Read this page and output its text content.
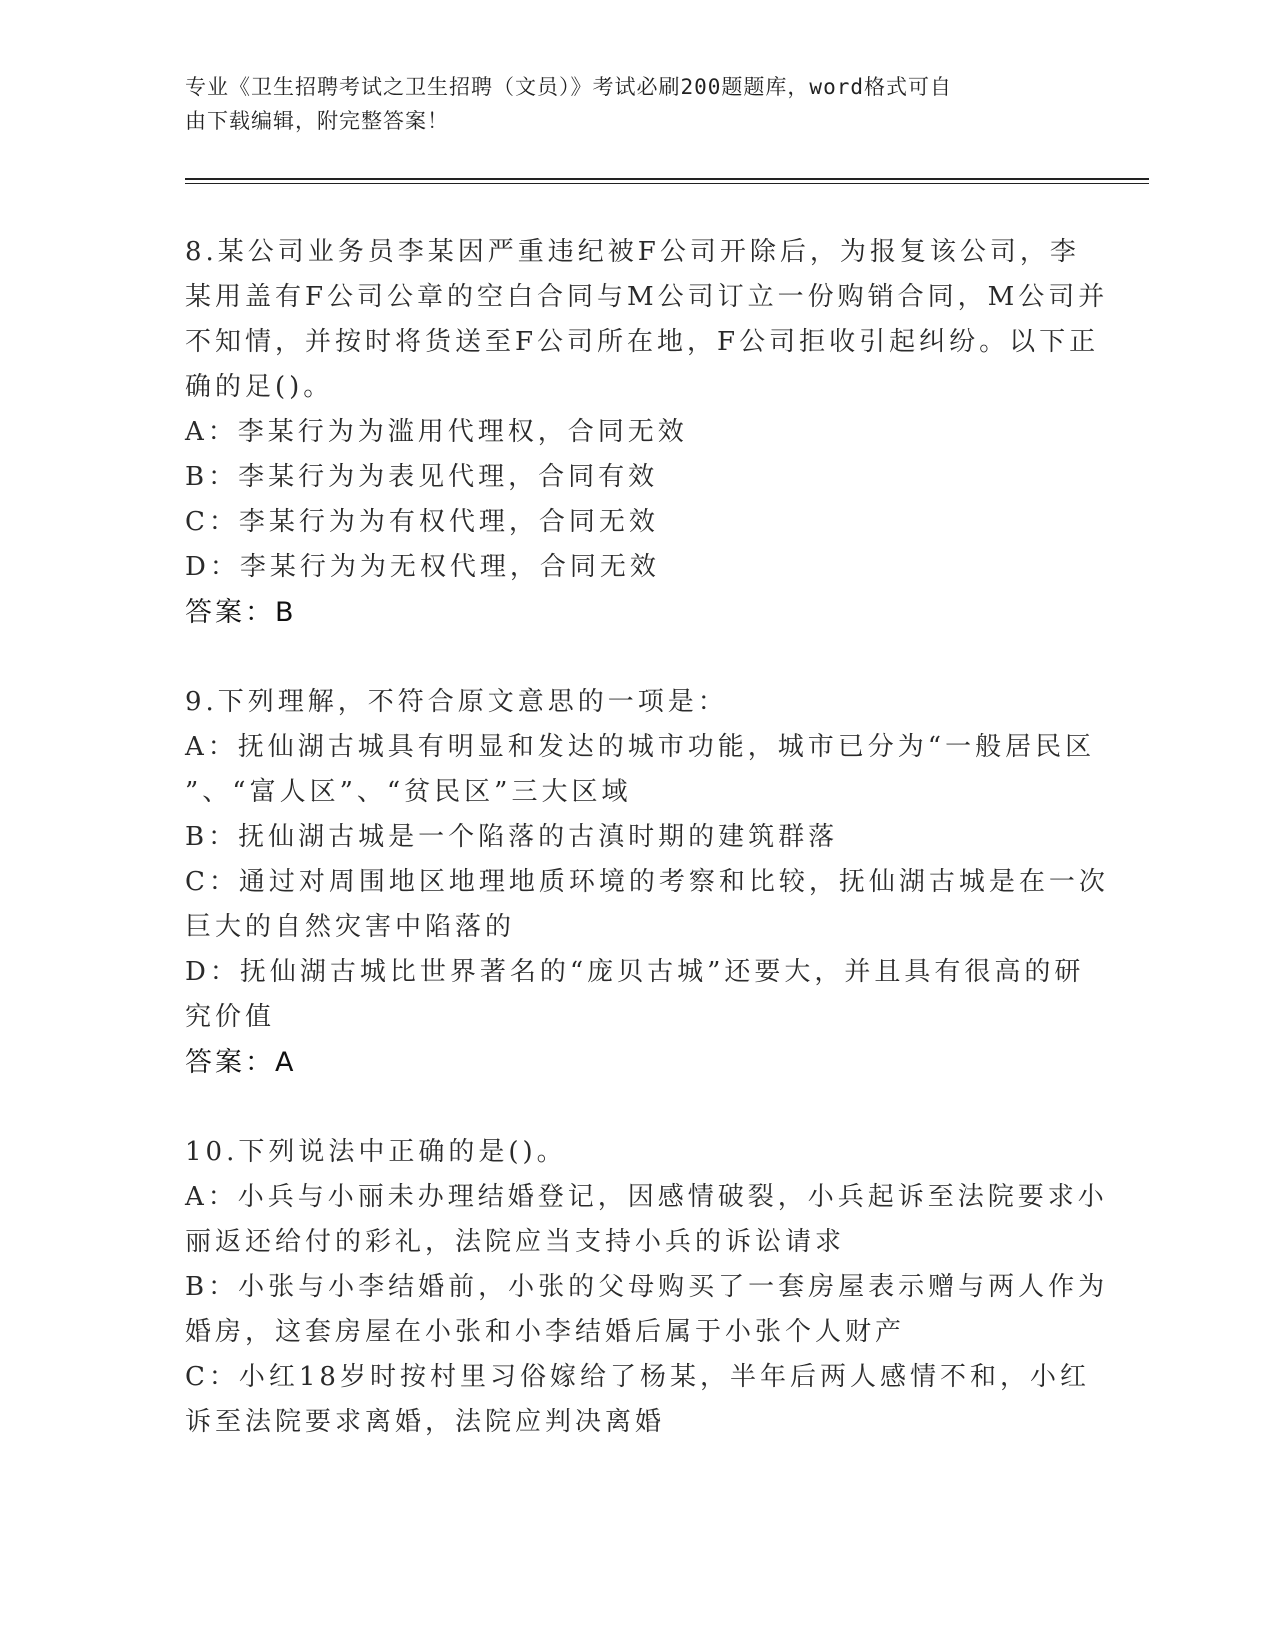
专业《卫生招聘考试之卫生招聘（文员）》考试必刷200题题库，word格式可自
由下载编辑，附完整答案！
8.某公司业务员李某因严重违纪被F公司开除后，为报复该公司，李
某用盖有F公司公章的空白合同与M公司订立一份购销合同，M公司并
不知情，并按时将货送至F公司所在地，F公司拒收引起纠纷。以下正
确的足()。
A：李某行为为滥用代理权，合同无效
B：李某行为为表见代理，合同有效
C：李某行为为有权代理，合同无效
D：李某行为为无权代理，合同无效
答案：B
9.下列理解，不符合原文意思的一项是：
A：抚仙湖古城具有明显和发达的城市功能，城市已分为“一般居民区
”、“富人区”、“贫民区”三大区域
B：抚仙湖古城是一个陷落的古滇时期的建筑群落
C：通过对周围地区地理地质环境的考察和比较，抚仙湖古城是在一次
巨大的自然灾害中陷落的
D：抚仙湖古城比世界著名的“庞贝古城”还要大，并且具有很高的研
究价值
答案：A
10.下列说法中正确的是()。
A：小兵与小丽未办理结婚登记，因感情破裂，小兵起诉至法院要求小
丽返还给付的彩礼，法院应当支持小兵的诉讼请求
B：小张与小李结婚前，小张的父母购买了一套房屋表示赠与两人作为
婚房，这套房屋在小张和小李结婚后属于小张个人财产
C：小红18岁时按村里习俗嫁给了杨某，半年后两人感情不和，小红
诉至法院要求离婚，法院应判决离婚
